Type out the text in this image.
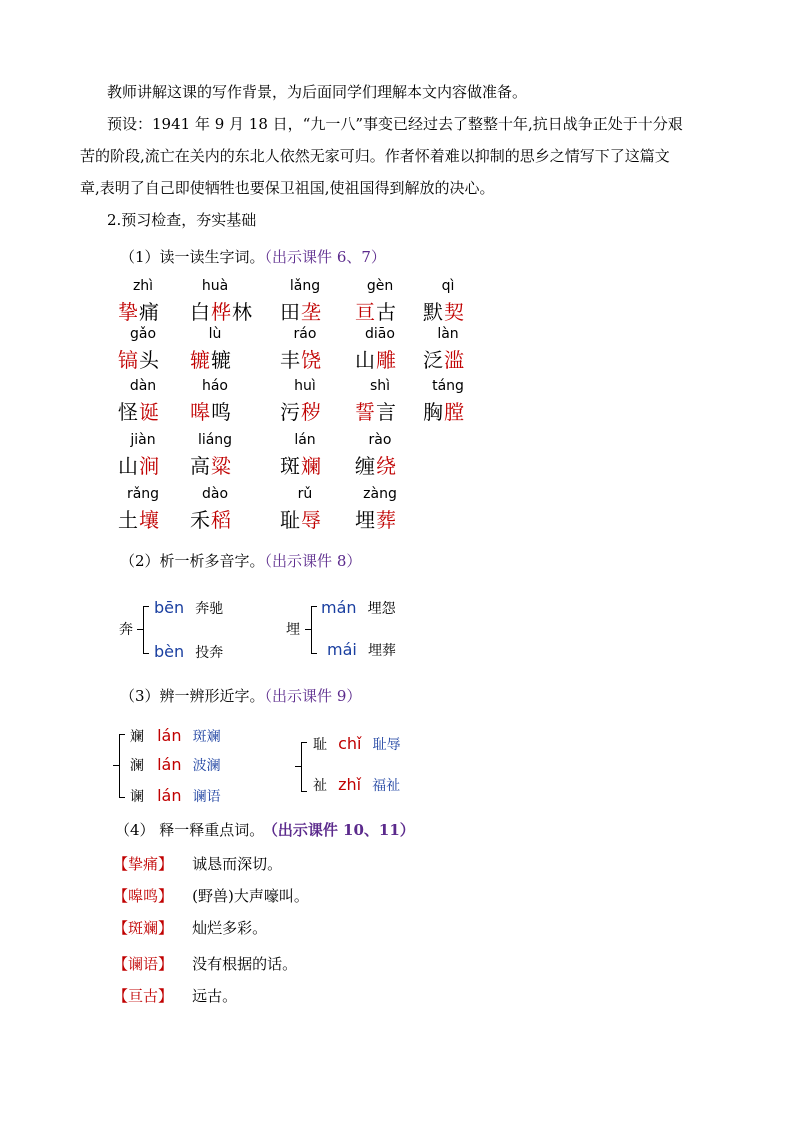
教师讲解这课的写作背景，为后面同学们理解本文内容做准备。
预设：1941 年 9 月 18 日，“九一八”事变已经过去了整整十年,抗日战争正处于十分艰
苦的阶段,流亡在关内的东北人依然无家可归。作者怀着难以抑制的思乡之情写下了这篇文
章,表明了自己即使牺牲也要保卫祖国,使祖国得到解放的决心。
2.预习检查，夯实基础
（1）读一读生字词。（出示课件 6、7）
zhì
挚痛
huà
白桦林
lǎng
田垄
gèn
亘古
qì
默契
gǎo
镐头
lù
辘辘
ráo
丰饶
diāo
山雕
làn
泛滥
dàn
怪诞
háo
嗥鸣
huì
污秽
shì
誓言
táng
胸膛
jiàn
山涧
liáng
高粱
lán
斑斓
rào
缠绕
rǎng
土壤
dào
禾稻
rǔ
耻辱
zàng
埋葬
（2）析一析多音字。（出示课件 8）
奔
bēn 奔驰
bèn 投奔
埋
mán 埋怨
mái 埋葬
（3）辨一辨形近字。（出示课件 9）
斓 lán 斑斓
澜 lán 波澜
谰 lán 谰语
耻 chǐ 耻辱
祉 zhǐ 福祉
（4） 释一释重点词。 （出示课件 10、11）
【挚痛】 诚恳而深切。
【嗥鸣】 (野兽)大声嚎叫。
【斑斓】 灿烂多彩。
【谰语】 没有根据的话。
【亘古】 远古。
